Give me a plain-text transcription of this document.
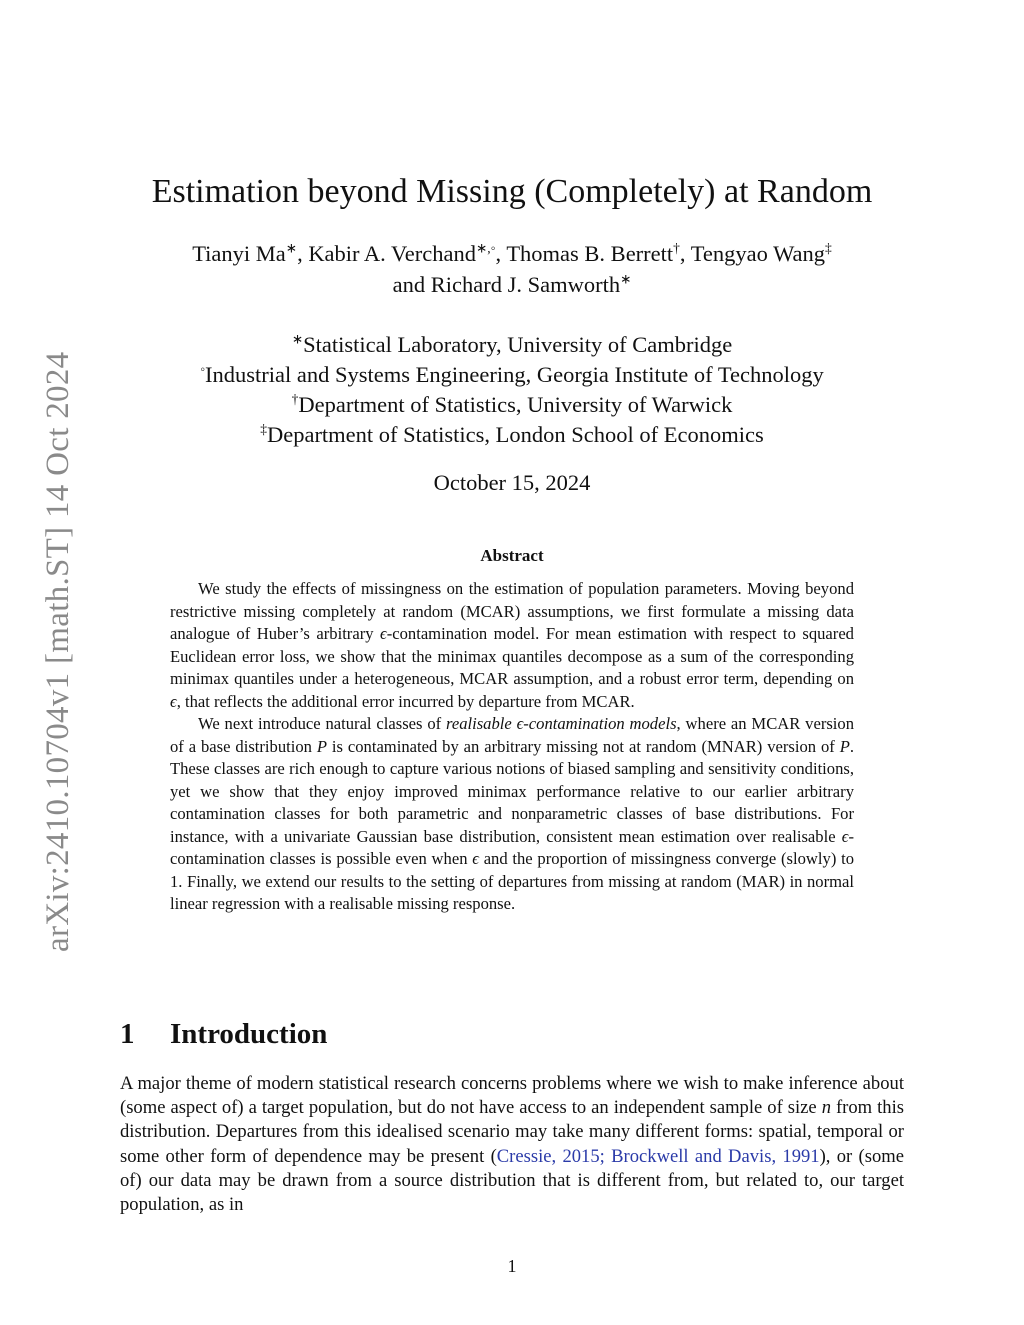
arXiv:2410.10704v1 [math.ST] 14 Oct 2024
Estimation beyond Missing (Completely) at Random
Tianyi Ma∗, Kabir A. Verchand∗,◦, Thomas B. Berrett†, Tengyao Wang‡
and Richard J. Samworth∗
∗Statistical Laboratory, University of Cambridge
◦Industrial and Systems Engineering, Georgia Institute of Technology
†Department of Statistics, University of Warwick
‡Department of Statistics, London School of Economics
October 15, 2024
Abstract

We study the effects of missingness on the estimation of population parameters. Moving beyond restrictive missing completely at random (MCAR) assumptions, we first formulate a missing data analogue of Huber’s arbitrary ϵ-contamination model. For mean estimation with respect to squared Euclidean error loss, we show that the minimax quantiles decompose as a sum of the corresponding minimax quantiles under a heterogeneous, MCAR assumption, and a robust error term, depending on ϵ, that reflects the additional error incurred by departure from MCAR.

We next introduce natural classes of realisable ϵ-contamination models, where an MCAR version of a base distribution P is contaminated by an arbitrary missing not at random (MNAR) version of P. These classes are rich enough to capture various notions of biased sampling and sensitivity conditions, yet we show that they enjoy improved minimax performance relative to our earlier arbitrary contamination classes for both parametric and nonparametric classes of base distributions. For instance, with a univariate Gaussian base distribution, consistent mean estimation over realisable ϵ-contamination classes is possible even when ϵ and the proportion of missingness converge (slowly) to 1. Finally, we extend our results to the setting of departures from missing at random (MAR) in normal linear regression with a realisable missing response.

1 Introduction

A major theme of modern statistical research concerns problems where we wish to make inference about (some aspect of) a target population, but do not have access to an independent sample of size n from this distribution. Departures from this idealised scenario may take many different forms: spatial, temporal or some other form of dependence may be present (Cressie, 2015; Brockwell and Davis, 1991), or (some of) our data may be drawn from a source distribution that is different from, but related to, our target population, as in

1
